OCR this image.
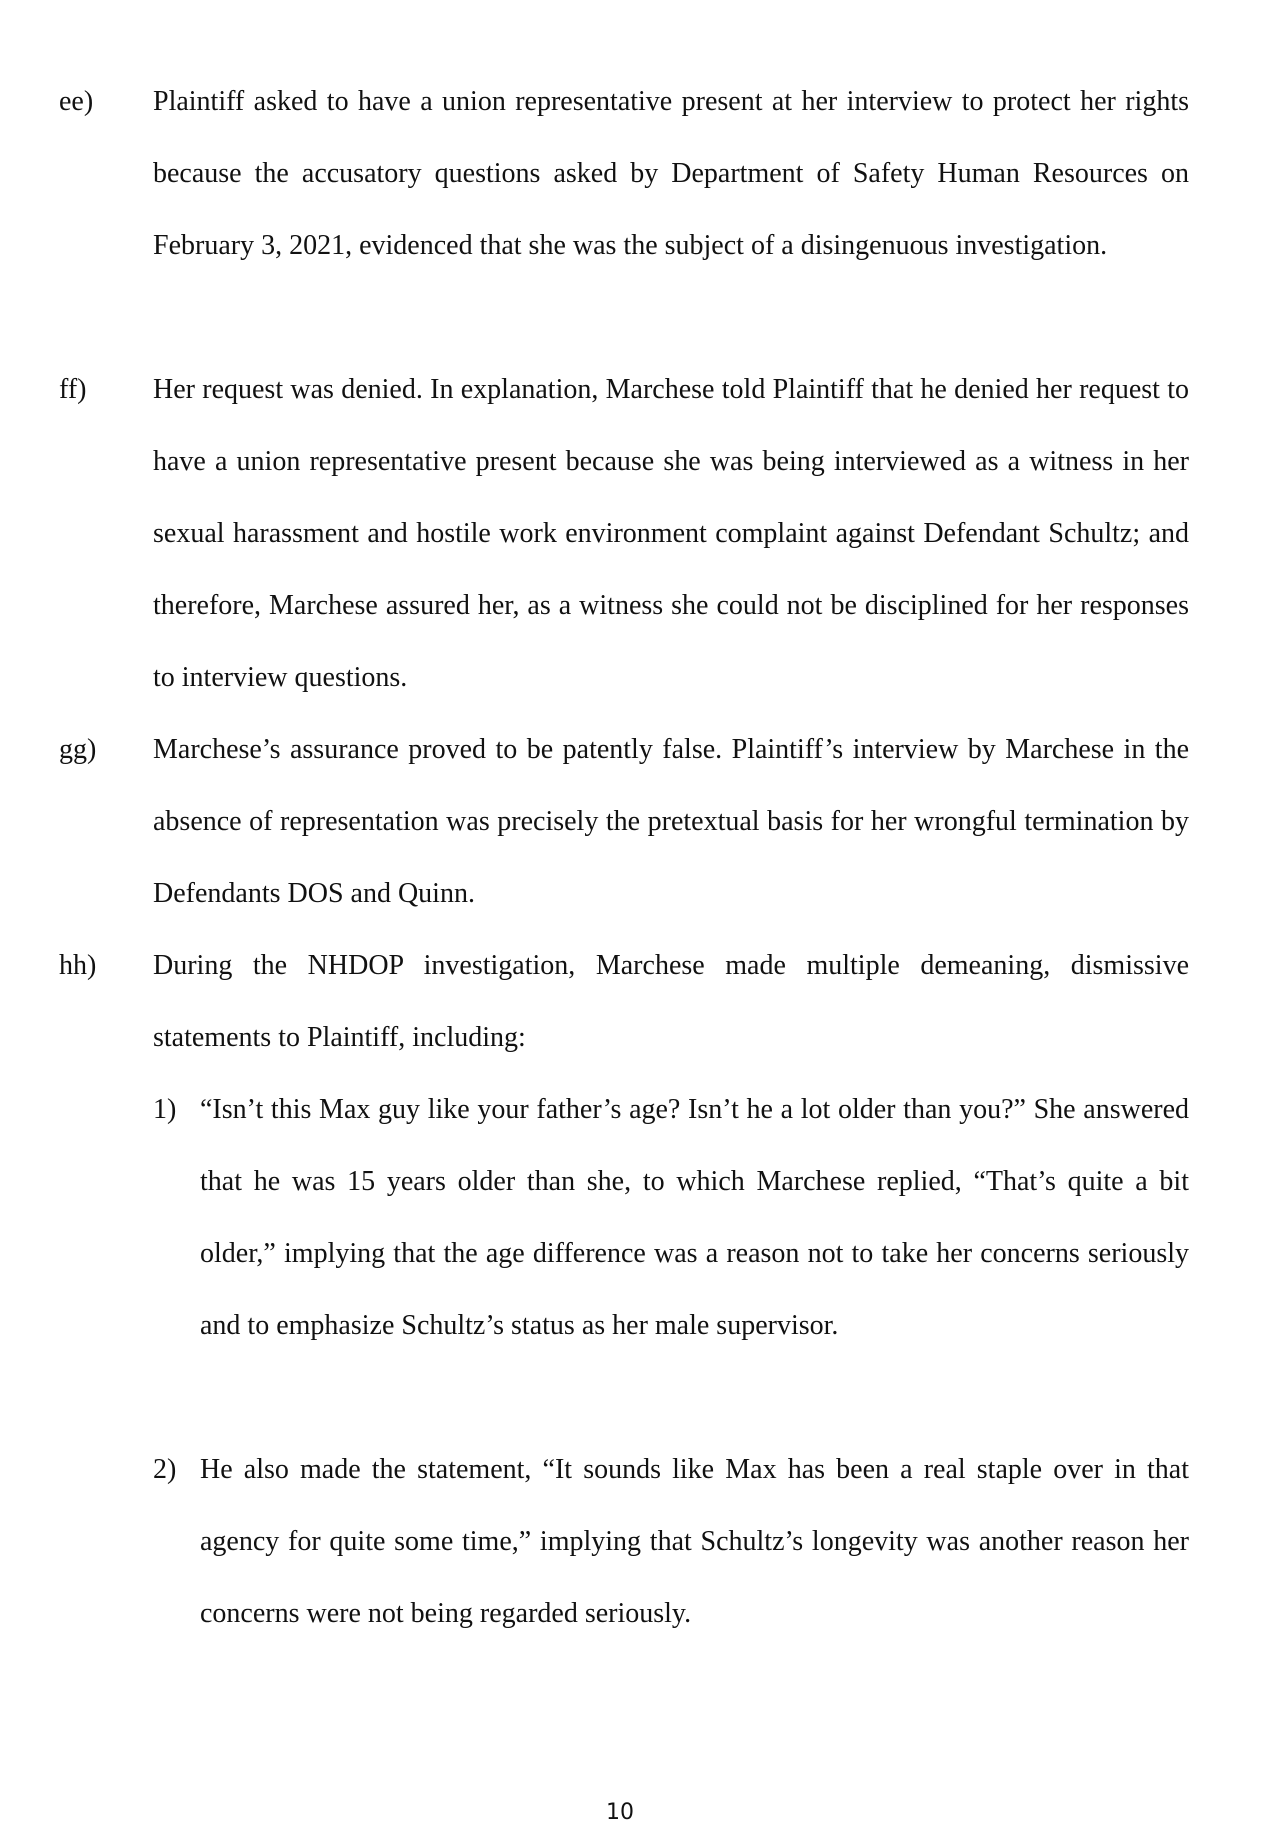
ee) Plaintiff asked to have a union representative present at her interview to protect her rights because the accusatory questions asked by Department of Safety Human Resources on February 3, 2021, evidenced that she was the subject of a disingenuous investigation.
ff) Her request was denied. In explanation, Marchese told Plaintiff that he denied her request to have a union representative present because she was being interviewed as a witness in her sexual harassment and hostile work environment complaint against Defendant Schultz; and therefore, Marchese assured her, as a witness she could not be disciplined for her responses to interview questions.
gg) Marchese’s assurance proved to be patently false. Plaintiff’s interview by Marchese in the absence of representation was precisely the pretextual basis for her wrongful termination by Defendants DOS and Quinn.
hh) During the NHDOP investigation, Marchese made multiple demeaning, dismissive statements to Plaintiff, including:
1) “Isn’t this Max guy like your father’s age? Isn’t he a lot older than you?” She answered that he was 15 years older than she, to which Marchese replied, “That’s quite a bit older,” implying that the age difference was a reason not to take her concerns seriously and to emphasize Schultz’s status as her male supervisor.
2) He also made the statement, “It sounds like Max has been a real staple over in that agency for quite some time,” implying that Schultz’s longevity was another reason her concerns were not being regarded seriously.
10
